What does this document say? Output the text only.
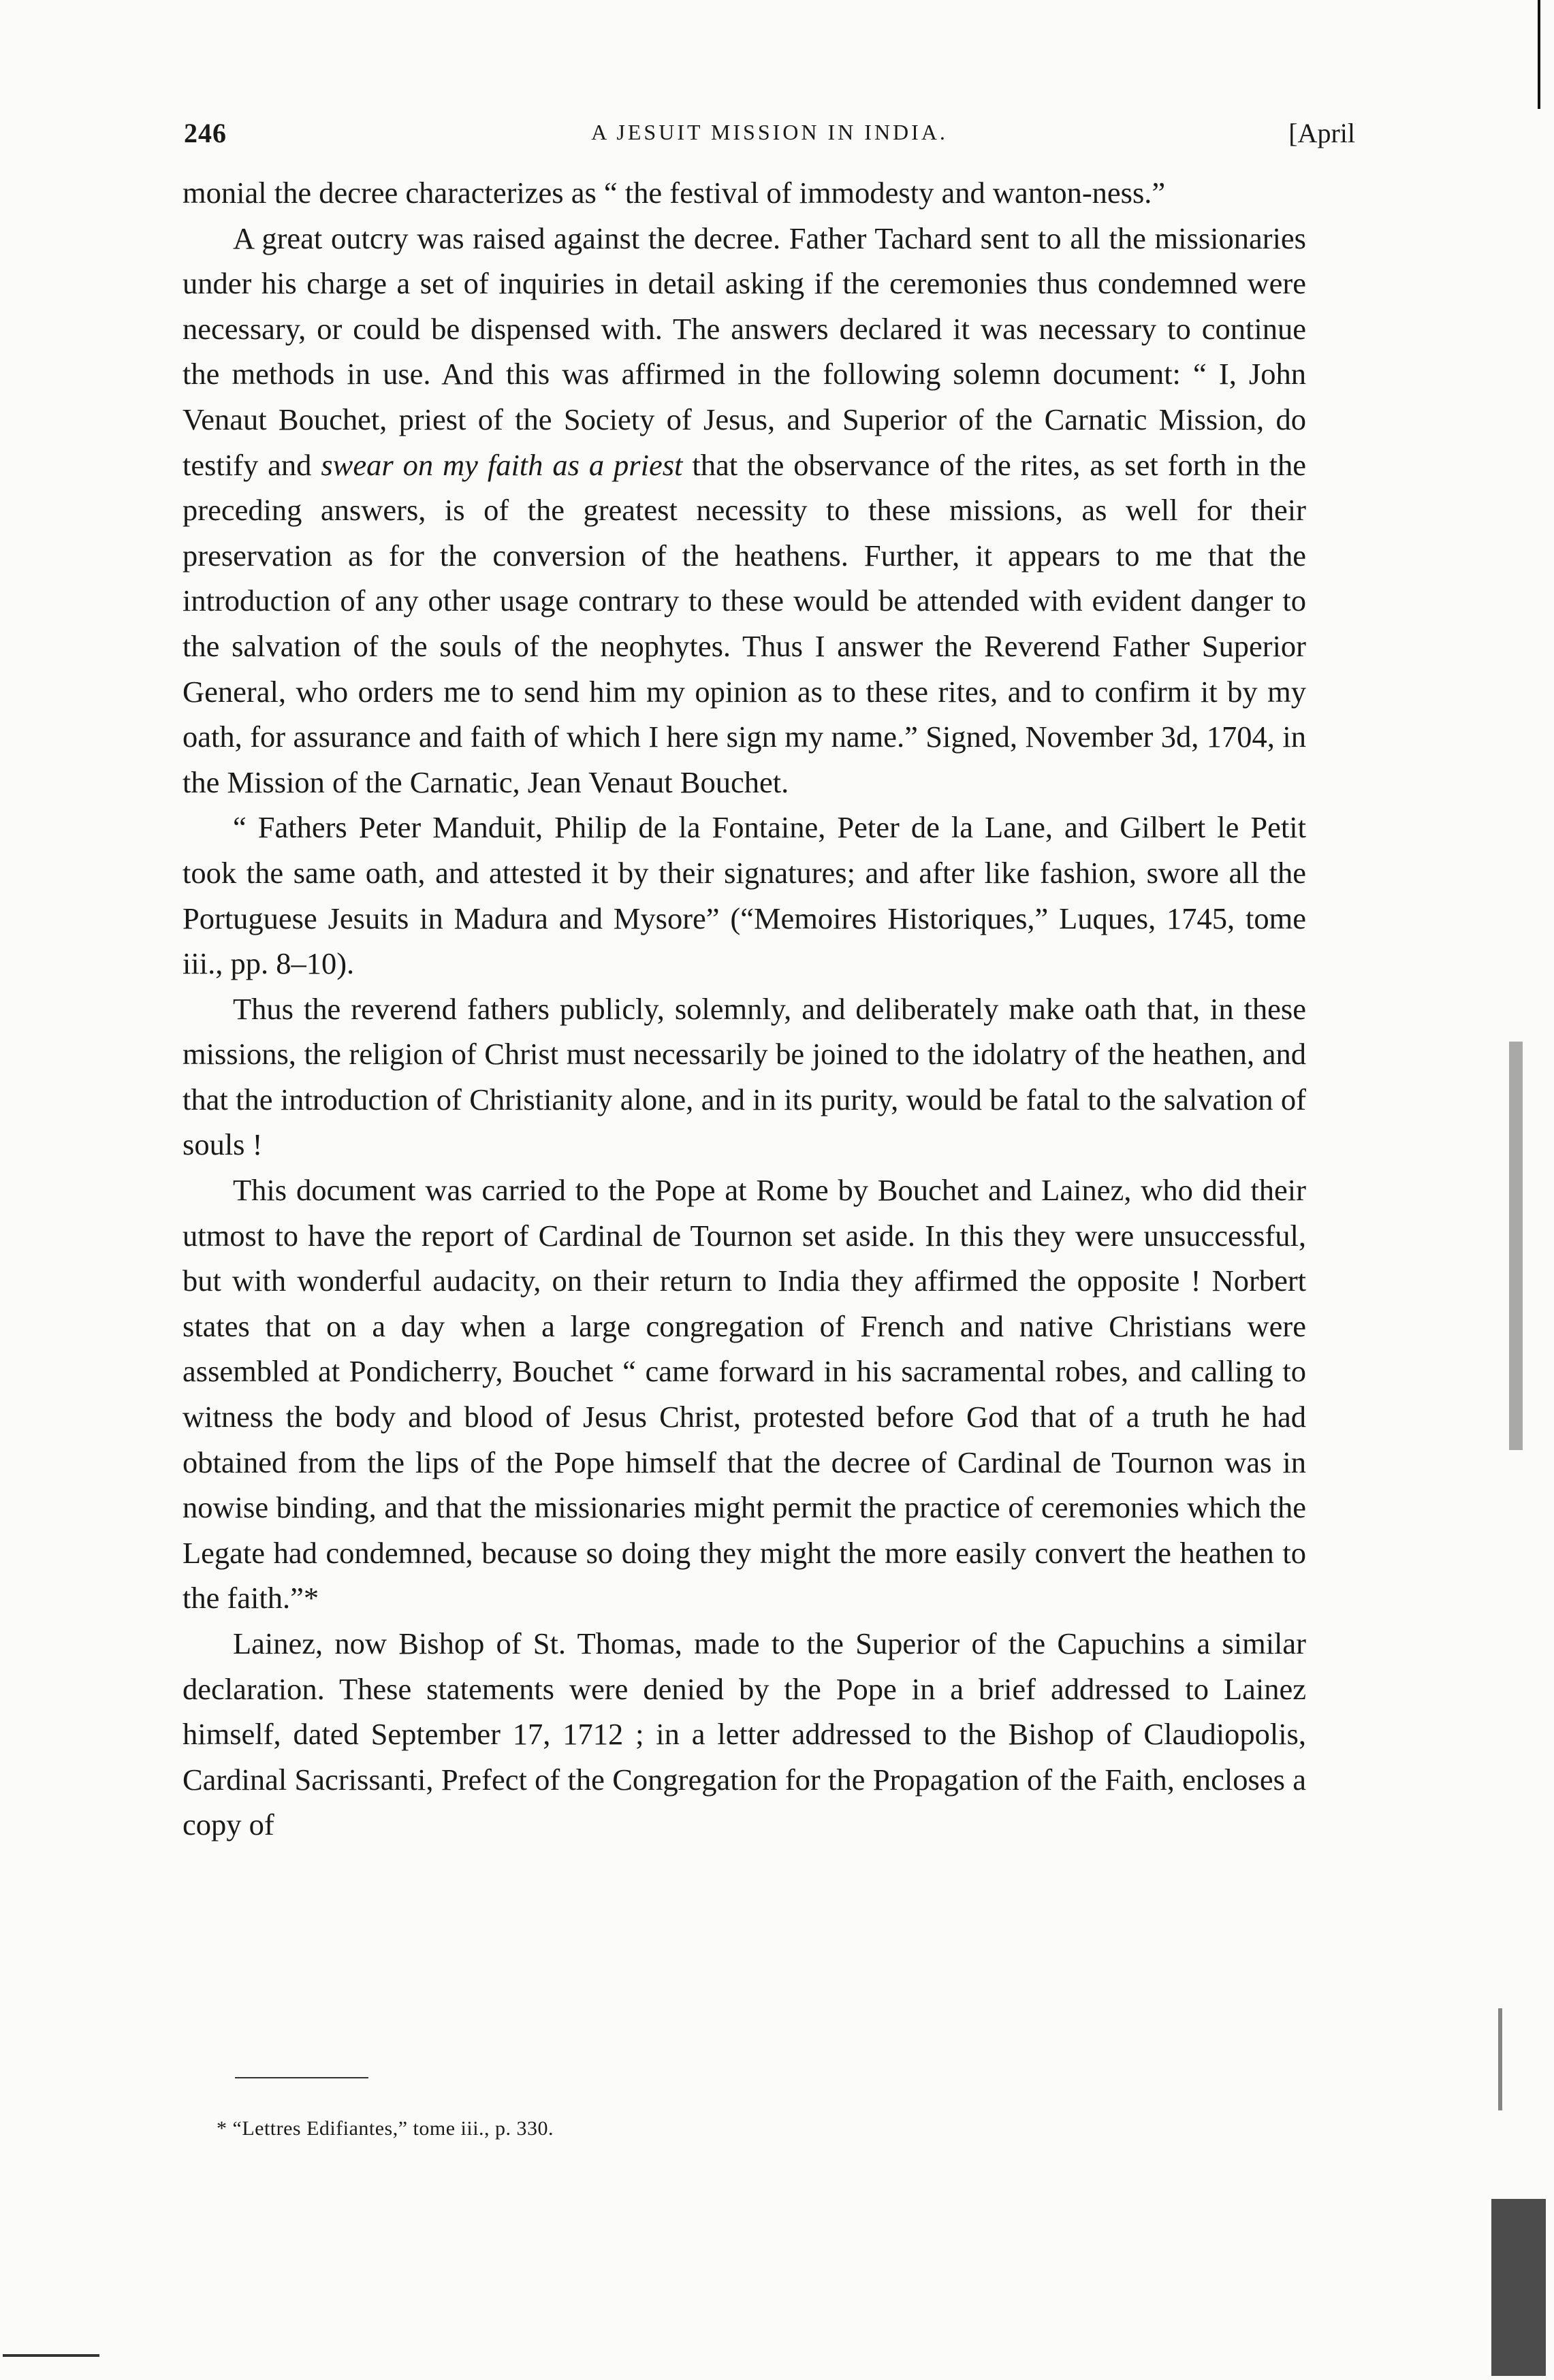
246	A JESUIT MISSION IN INDIA.	[April

monial the decree characterizes as “ the festival of immodesty and wanton-ness.”

A great outcry was raised against the decree. Father Tachard sent to all the missionaries under his charge a set of inquiries in detail asking if the ceremonies thus condemned were necessary, or could be dispensed with. The answers declared it was necessary to continue the methods in use. And this was affirmed in the following solemn document: “ I, John Venaut Bouchet, priest of the Society of Jesus, and Superior of the Carnatic Mission, do testify and swear on my faith as a priest that the observance of the rites, as set forth in the preceding answers, is of the greatest necessity to these missions, as well for their preservation as for the conversion of the heathens. Further, it appears to me that the introduction of any other usage contrary to these would be attended with evident danger to the salvation of the souls of the neophytes. Thus I answer the Reverend Father Superior General, who orders me to send him my opinion as to these rites, and to confirm it by my oath, for assurance and faith of which I here sign my name.” Signed, November 3d, 1704, in the Mission of the Carnatic, Jean Venaut Bouchet.

“ Fathers Peter Manduit, Philip de la Fontaine, Peter de la Lane, and Gilbert le Petit took the same oath, and attested it by their signatures; and after like fashion, swore all the Portuguese Jesuits in Madura and Mysore” (“Memoires Historiques,” Luques, 1745, tome iii., pp. 8–10).

Thus the reverend fathers publicly, solemnly, and deliberately make oath that, in these missions, the religion of Christ must necessarily be joined to the idolatry of the heathen, and that the introduction of Christianity alone, and in its purity, would be fatal to the salvation of souls !

This document was carried to the Pope at Rome by Bouchet and Lainez, who did their utmost to have the report of Cardinal de Tournon set aside. In this they were unsuccessful, but with wonderful audacity, on their return to India they affirmed the opposite ! Norbert states that on a day when a large congregation of French and native Christians were assembled at Pondicherry, Bouchet “ came forward in his sacramental robes, and calling to witness the body and blood of Jesus Christ, protested before God that of a truth he had obtained from the lips of the Pope himself that the decree of Cardinal de Tournon was in nowise binding, and that the missionaries might permit the practice of ceremonies which the Legate had condemned, because so doing they might the more easily convert the heathen to the faith.”*

Lainez, now Bishop of St. Thomas, made to the Superior of the Capuchins a similar declaration. These statements were denied by the Pope in a brief addressed to Lainez himself, dated September 17, 1712 ; in a letter addressed to the Bishop of Claudiopolis, Cardinal Sacrissanti, Prefect of the Congregation for the Propagation of the Faith, encloses a copy of

* “Lettres Edifiantes,” tome iii., p. 330.
